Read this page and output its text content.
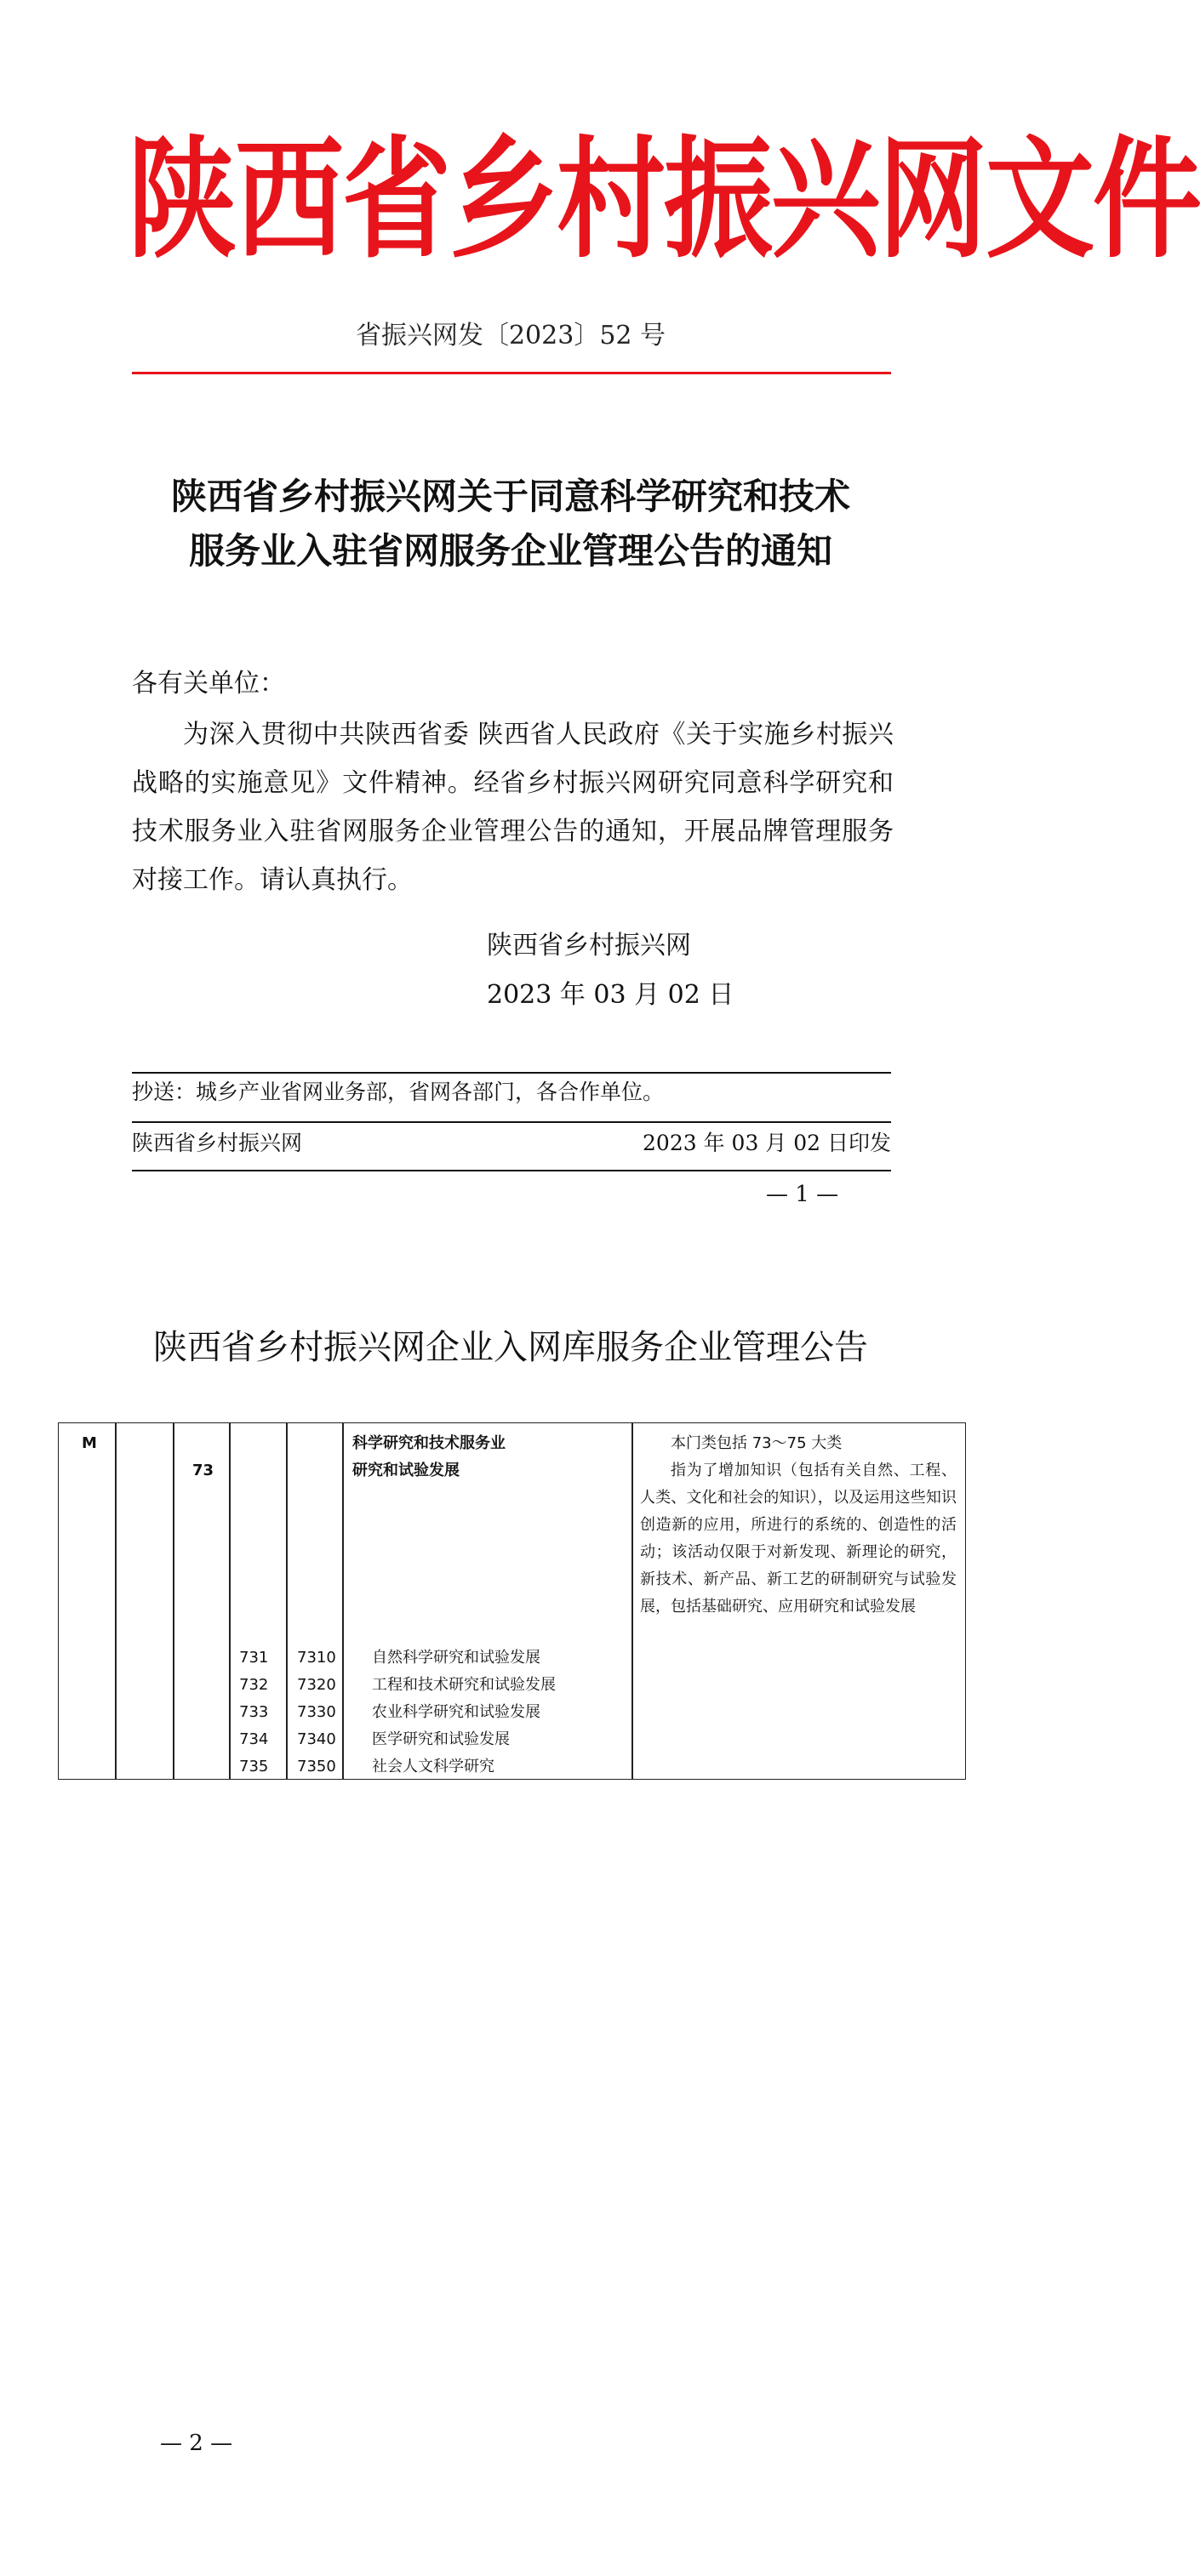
陕西省乡村振兴网文件
省振兴网发〔2023〕52 号
陕西省乡村振兴网关于同意科学研究和技术
服务业入驻省网服务企业管理公告的通知
各有关单位：
为深入贯彻中共陕西省委 陕西省人民政府《关于实施乡村振兴战略的实施意见》文件精神。经省乡村振兴网研究同意科学研究和技术服务业入驻省网服务企业管理公告的通知，开展品牌管理服务对接工作。请认真执行。
陕西省乡村振兴网
2023 年 03 月 02 日
抄送：城乡产业省网业务部，省网各部门，各合作单位。
陕西省乡村振兴网	2023 年 03 月 02 日印发
— 1 —
陕西省乡村振兴网企业入网库服务企业管理公告
M
73
科学研究和技术服务业
研究和试验发展
本门类包括 73～75 大类
指为了增加知识（包括有关自然、工程、人类、文化和社会的知识），以及运用这些知识创造新的应用，所进行的系统的、创造性的活动；该活动仅限于对新发现、新理论的研究，新技术、新产品、新工艺的研制研究与试验发展，包括基础研究、应用研究和试验发展
731 7310 自然科学研究和试验发展
732 7320 工程和技术研究和试验发展
733 7330 农业科学研究和试验发展
734 7340 医学研究和试验发展
735 7350 社会人文科学研究
— 2 —
